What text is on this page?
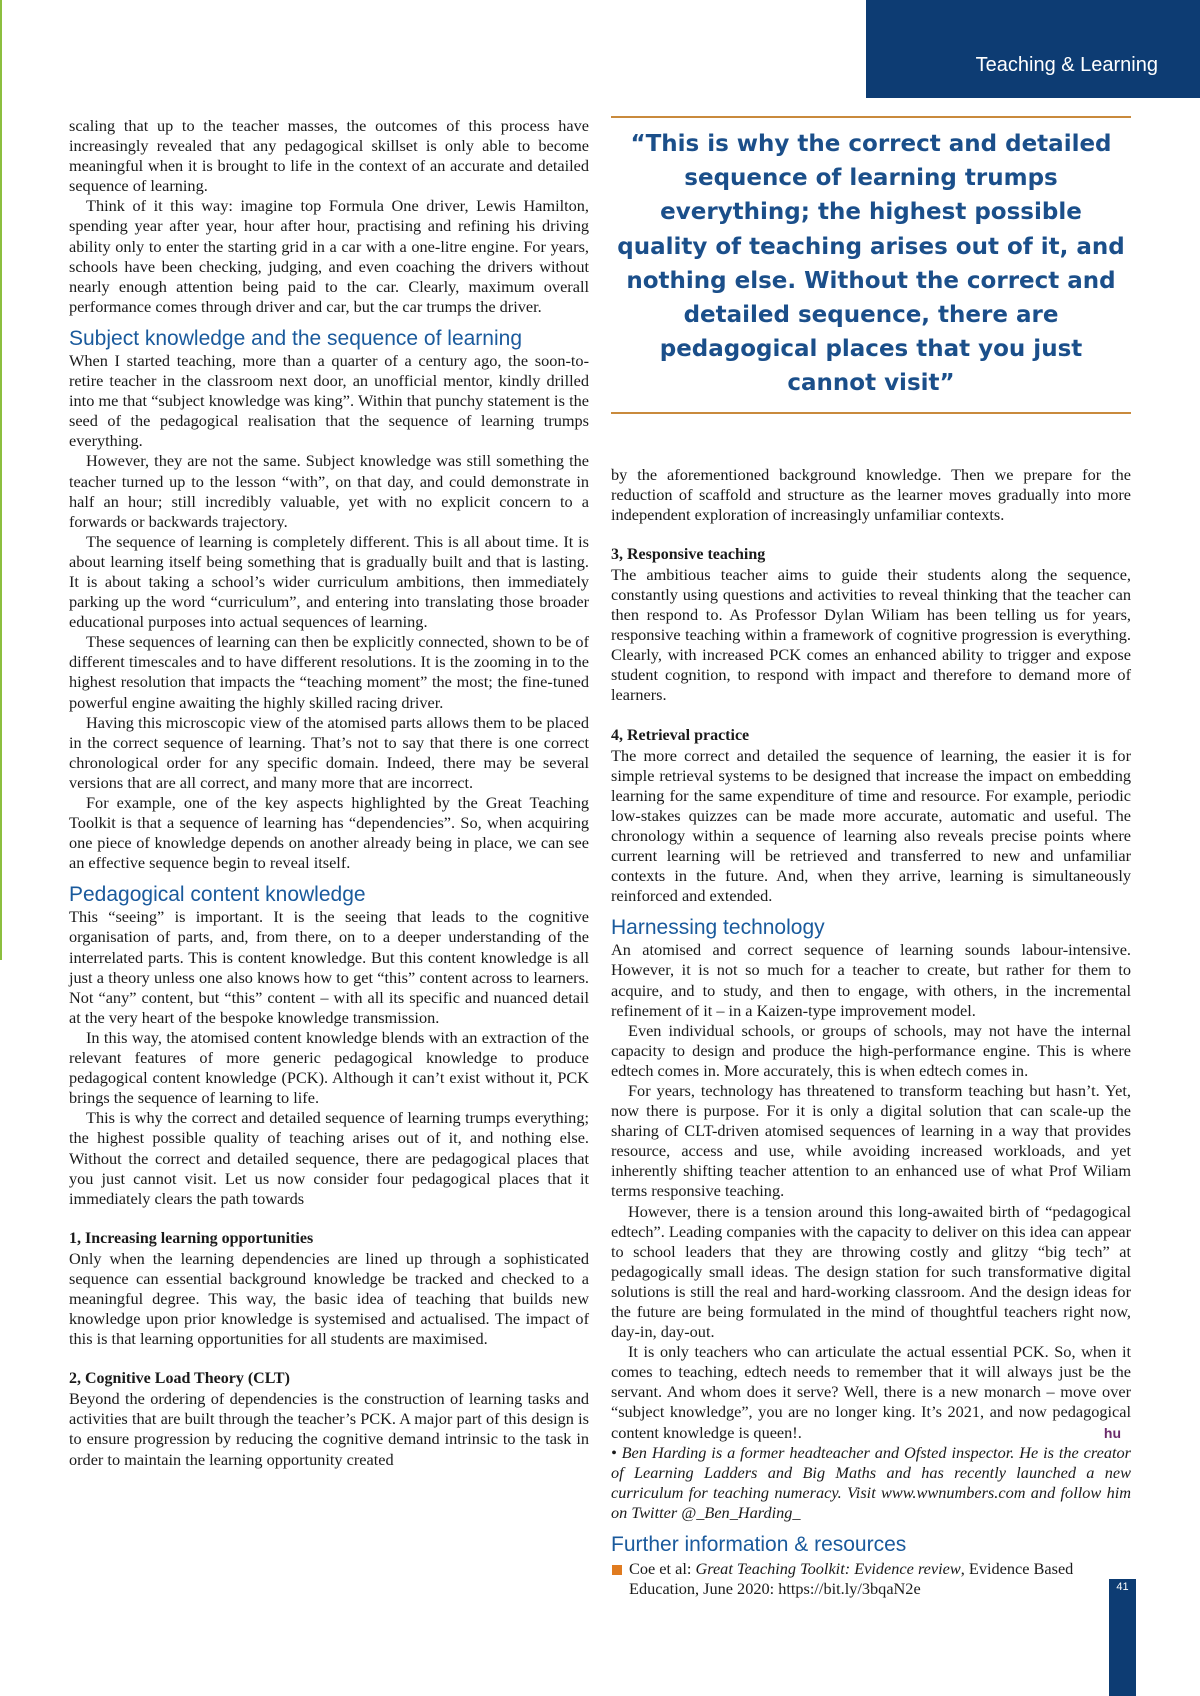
Teaching & Learning

scaling that up to the teacher masses, the outcomes of this process have increasingly revealed that any pedagogical skillset is only able to become meaningful when it is brought to life in the context of an accurate and detailed sequence of learning.

Think of it this way: imagine top Formula One driver, Lewis Hamilton, spending year after year, hour after hour, practising and refining his driving ability only to enter the starting grid in a car with a one-litre engine. For years, schools have been checking, judging, and even coaching the drivers without nearly enough attention being paid to the car. Clearly, maximum overall performance comes through driver and car, but the car trumps the driver.

Subject knowledge and the sequence of learning

When I started teaching, more than a quarter of a century ago, the soon-to-retire teacher in the classroom next door, an unofficial mentor, kindly drilled into me that “subject knowledge was king”. Within that punchy statement is the seed of the pedagogical realisation that the sequence of learning trumps everything.

However, they are not the same. Subject knowledge was still something the teacher turned up to the lesson “with”, on that day, and could demonstrate in half an hour; still incredibly valuable, yet with no explicit concern to a forwards or backwards trajectory.

The sequence of learning is completely different. This is all about time. It is about learning itself being something that is gradually built and that is lasting. It is about taking a school’s wider curriculum ambitions, then immediately parking up the word “curriculum”, and entering into translating those broader educational purposes into actual sequences of learning.

These sequences of learning can then be explicitly connected, shown to be of different timescales and to have different resolutions. It is the zooming in to the highest resolution that impacts the “teaching moment” the most; the fine-tuned powerful engine awaiting the highly skilled racing driver.

Having this microscopic view of the atomised parts allows them to be placed in the correct sequence of learning. That’s not to say that there is one correct chronological order for any specific domain. Indeed, there may be several versions that are all correct, and many more that are incorrect.

For example, one of the key aspects highlighted by the Great Teaching Toolkit is that a sequence of learning has “dependencies”. So, when acquiring one piece of knowledge depends on another already being in place, we can see an effective sequence begin to reveal itself.

Pedagogical content knowledge

This “seeing” is important. It is the seeing that leads to the cognitive organisation of parts, and, from there, on to a deeper understanding of the interrelated parts. This is content knowledge. But this content knowledge is all just a theory unless one also knows how to get “this” content across to learners. Not “any” content, but “this” content – with all its specific and nuanced detail at the very heart of the bespoke knowledge transmission.

In this way, the atomised content knowledge blends with an extraction of the relevant features of more generic pedagogical knowledge to produce pedagogical content knowledge (PCK). Although it can’t exist without it, PCK brings the sequence of learning to life.

This is why the correct and detailed sequence of learning trumps everything; the highest possible quality of teaching arises out of it, and nothing else. Without the correct and detailed sequence, there are pedagogical places that you just cannot visit. Let us now consider four pedagogical places that it immediately clears the path towards

1, Increasing learning opportunities

Only when the learning dependencies are lined up through a sophisticated sequence can essential background knowledge be tracked and checked to a meaningful degree. This way, the basic idea of teaching that builds new knowledge upon prior knowledge is systemised and actualised. The impact of this is that learning opportunities for all students are maximised.

2, Cognitive Load Theory (CLT)

Beyond the ordering of dependencies is the construction of learning tasks and activities that are built through the teacher’s PCK. A major part of this design is to ensure progression by reducing the cognitive demand intrinsic to the task in order to maintain the learning opportunity created

“This is why the correct and detailed sequence of learning trumps everything; the highest possible quality of teaching arises out of it, and nothing else. Without the correct and detailed sequence, there are pedagogical places that you just cannot visit”

by the aforementioned background knowledge. Then we prepare for the reduction of scaffold and structure as the learner moves gradually into more independent exploration of increasingly unfamiliar contexts.

3, Responsive teaching

The ambitious teacher aims to guide their students along the sequence, constantly using questions and activities to reveal thinking that the teacher can then respond to. As Professor Dylan Wiliam has been telling us for years, responsive teaching within a framework of cognitive progression is everything. Clearly, with increased PCK comes an enhanced ability to trigger and expose student cognition, to respond with impact and therefore to demand more of learners.

4, Retrieval practice

The more correct and detailed the sequence of learning, the easier it is for simple retrieval systems to be designed that increase the impact on embedding learning for the same expenditure of time and resource. For example, periodic low-stakes quizzes can be made more accurate, automatic and useful. The chronology within a sequence of learning also reveals precise points where current learning will be retrieved and transferred to new and unfamiliar contexts in the future. And, when they arrive, learning is simultaneously reinforced and extended.

Harnessing technology

An atomised and correct sequence of learning sounds labour-intensive. However, it is not so much for a teacher to create, but rather for them to acquire, and to study, and then to engage, with others, in the incremental refinement of it – in a Kaizen-type improvement model.

Even individual schools, or groups of schools, may not have the internal capacity to design and produce the high-performance engine. This is where edtech comes in. More accurately, this is when edtech comes in.

For years, technology has threatened to transform teaching but hasn’t. Yet, now there is purpose. For it is only a digital solution that can scale-up the sharing of CLT-driven atomised sequences of learning in a way that provides resource, access and use, while avoiding increased workloads, and yet inherently shifting teacher attention to an enhanced use of what Prof Wiliam terms responsive teaching.

However, there is a tension around this long-awaited birth of “pedagogical edtech”. Leading companies with the capacity to deliver on this idea can appear to school leaders that they are throwing costly and glitzy “big tech” at pedagogically small ideas. The design station for such transformative digital solutions is still the real and hard-working classroom. And the design ideas for the future are being formulated in the mind of thoughtful teachers right now, day-in, day-out.

It is only teachers who can articulate the actual essential PCK. So, when it comes to teaching, edtech needs to remember that it will always just be the servant. And whom does it serve? Well, there is a new monarch – move over “subject knowledge”, you are no longer king. It’s 2021, and now pedagogical content knowledge is queen!.	hu

• Ben Harding is a former headteacher and Ofsted inspector. He is the creator of Learning Ladders and Big Maths and has recently launched a new curriculum for teaching numeracy. Visit www.wwnumbers.com and follow him on Twitter @_Ben_Harding_

Further information & resources
Coe et al: Great Teaching Toolkit: Evidence review, Evidence Based Education, June 2020: https://bit.ly/3bqaN2e	41
